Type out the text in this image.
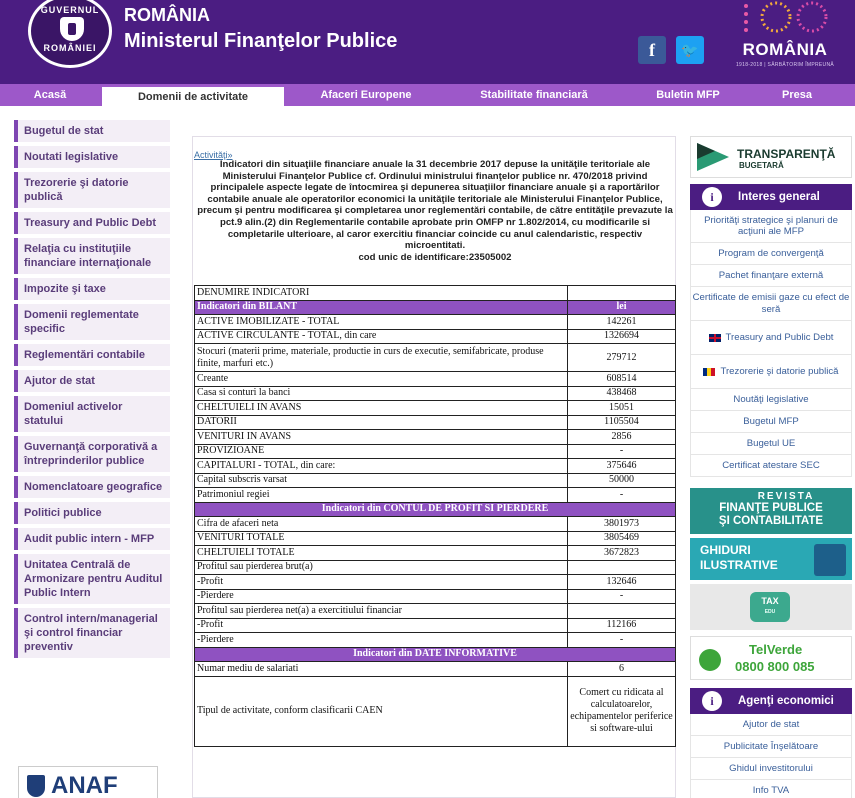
GUVERNUL
ROMÂNIEI
ROMÂNIA
Ministerul Finanţelor Publice	f	🐦	ROMÂNIA
1918-2018 | SĂRBĂTORIM ÎMPREUNĂ
Acasă	Domenii de activitate	Afaceri Europene	Stabilitate financiară	Buletin MFP	Presa
Bugetul de stat
Noutati legislative
Trezorerie şi datorie publică
Treasury and Public Debt
Relaţia cu instituţiile financiare internaţionale
Impozite şi taxe
Domenii reglementate specific
Reglementări contabile
Ajutor de stat
Domeniul activelor statului
Guvernanţă corporativă a întreprinderilor publice
Nomenclatoare geografice
Politici publice
Audit public intern - MFP
Unitatea Centrală de Armonizare pentru Auditul Public Intern
Control intern/managerial şi control financiar preventiv
ANAF
Activităţi»
Indicatori din situaţiile financiare anuale la 31 decembrie 2017 depuse la unităţile teritoriale ale Ministerului Finanţelor Publice cf. Ordinului ministrului finanţelor publice nr. 470/2018 privind principalele aspecte legate de întocmirea şi depunerea situaţiilor financiare anuale şi a raportărilor contabile anuale ale operatorilor economici la unităţile teritoriale ale Ministerului Finanţelor Publice, precum şi pentru modificarea şi completarea unor reglementări contabile, de către entităţile prevazute la pct.9 alin.(2) din Reglementarile contabile aprobate prin OMFP nr 1.802/2014, cu modificarile si completarile ulterioare, al caror exercitiu financiar coincide cu anul calendaristic, respectiv microentitati.
cod unic de identificare:23505002
DENUMIRE INDICATORI	
Indicatori din BILANT	lei
ACTIVE IMOBILIZATE - TOTAL	142261
ACTIVE CIRCULANTE - TOTAL, din care	1326694
Stocuri (materii prime, materiale, productie in curs de executie, semifabricate, produse finite, marfuri etc.)	279712
Creante	608514
Casa si conturi la banci	438468
CHELTUIELI IN AVANS	15051
DATORII	1105504
VENITURI IN AVANS	2856
PROVIZIOANE	-
CAPITALURI - TOTAL, din care:	375646
Capital subscris varsat	50000
Patrimoniul regiei	-
Indicatori din CONTUL DE PROFIT SI PIERDERE	
Cifra de afaceri neta	3801973
VENITURI TOTALE	3805469
CHELTUIELI TOTALE	3672823
Profitul sau pierderea brut(a)	
-Profit	132646
-Pierdere	-
Profitul sau pierderea net(a) a exercitiului financiar	
-Profit	112166
-Pierdere	-
Indicatori din DATE INFORMATIVE	
Numar mediu de salariati	6
Tipul de activitate, conform clasificarii CAEN	Comert cu ridicata al calculatoarelor, echipamentelor periferice si software-ului
TRANSPARENŢĂ
BUGETARĂ
i	Interes general
Priorităţi strategice şi planuri de acţiuni ale MFP
Program de convergenţă
Pachet finanţare externă
Certificate de emisii gaze cu efect de seră
Treasury and Public Debt
Trezorerie şi datorie publică
Noutăţi legislative
Bugetul MFP
Bugetul UE
Certificat atestare SEC
REVISTA
FINANŢE PUBLICE
ŞI CONTABILITATE
GHIDURI
ILUSTRATIVE
TAX
EDU
TelVerde
0800 800 085
i	Agenţi economici
Ajutor de stat
Publicitate Înşelătoare
Ghidul investitorului
Info TVA
